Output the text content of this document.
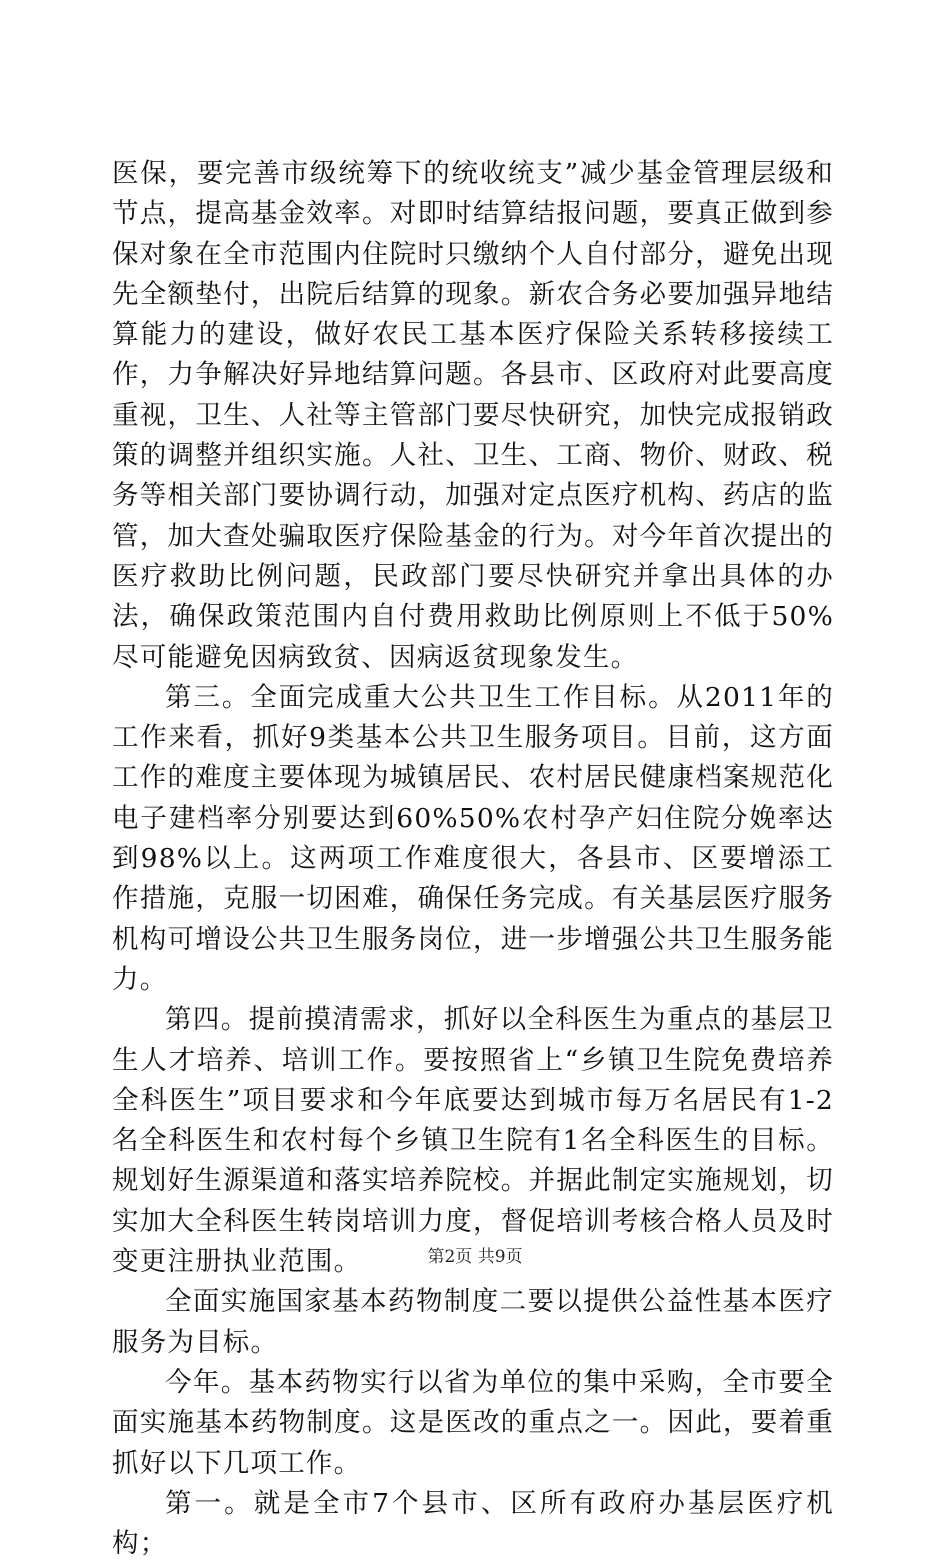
医保，要完善市级统筹下的统收统支”减少基金管理层级和节点，提高基金效率。对即时结算结报问题，要真正做到参保对象在全市范围内住院时只缴纳个人自付部分，避免出现先全额垫付，出院后结算的现象。新农合务必要加强异地结算能力的建设，做好农民工基本医疗保险关系转移接续工作，力争解决好异地结算问题。各县市、区政府对此要高度重视，卫生、人社等主管部门要尽快研究，加快完成报销政策的调整并组织实施。人社、卫生、工商、物价、财政、税务等相关部门要协调行动，加强对定点医疗机构、药店的监管，加大查处骗取医疗保险基金的行为。对今年首次提出的医疗救助比例问题，民政部门要尽快研究并拿出具体的办法，确保政策范围内自付费用救助比例原则上不低于50%尽可能避免因病致贫、因病返贫现象发生。

第三。全面完成重大公共卫生工作目标。从2011年的工作来看，抓好9类基本公共卫生服务项目。目前，这方面工作的难度主要体现为城镇居民、农村居民健康档案规范化电子建档率分别要达到60%50%农村孕产妇住院分娩率达到98%以上。这两项工作难度很大，各县市、区要增添工作措施，克服一切困难，确保任务完成。有关基层医疗服务机构可增设公共卫生服务岗位，进一步增强公共卫生服务能力。

第四。提前摸清需求，抓好以全科医生为重点的基层卫生人才培养、培训工作。要按照省上“乡镇卫生院免费培养全科医生”项目要求和今年底要达到城市每万名居民有1-2名全科医生和农村每个乡镇卫生院有1名全科医生的目标。规划好生源渠道和落实培养院校。并据此制定实施规划，切实加大全科医生转岗培训力度，督促培训考核合格人员及时变更注册执业范围。

全面实施国家基本药物制度二要以提供公益性基本医疗服务为目标。

今年。基本药物实行以省为单位的集中采购，全市要全面实施基本药物制度。这是医改的重点之一。因此，要着重抓好以下几项工作。

第一。就是全市7个县市、区所有政府办基层医疗机构；

第2页 共9页
